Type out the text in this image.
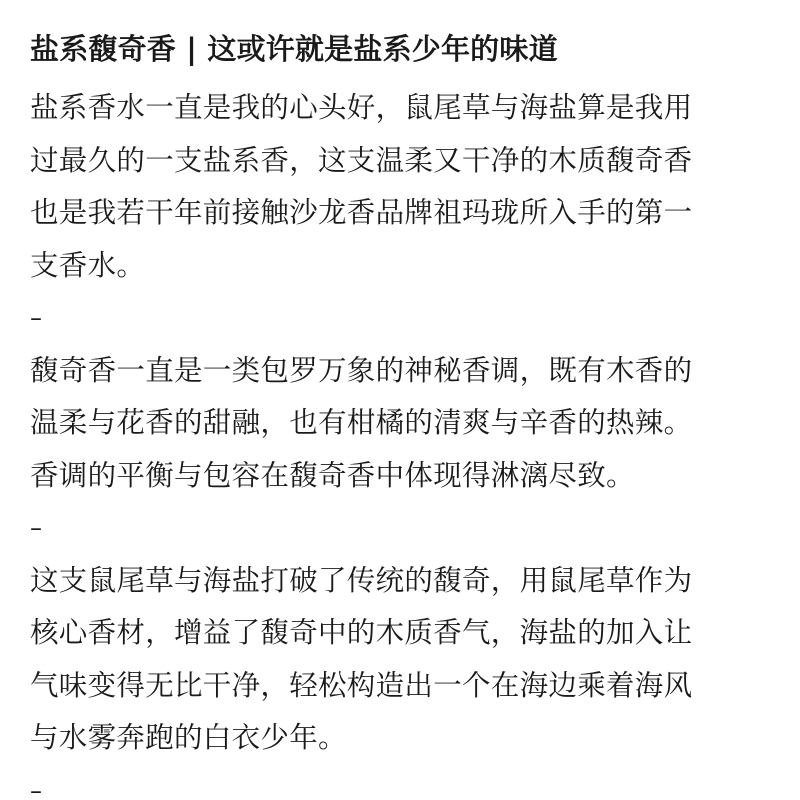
盐系馥奇香 | 这或许就是盐系少年的味道
盐系香水一直是我的心头好，鼠尾草与海盐算是我用
过最久的一支盐系香，这支温柔又干净的木质馥奇香
也是我若干年前接触沙龙香品牌祖玛珑所入手的第一
支香水。
–
馥奇香一直是一类包罗万象的神秘香调，既有木香的
温柔与花香的甜融，也有柑橘的清爽与辛香的热辣。
香调的平衡与包容在馥奇香中体现得淋漓尽致。
–
这支鼠尾草与海盐打破了传统的馥奇，用鼠尾草作为
核心香材，增益了馥奇中的木质香气，海盐的加入让
气味变得无比干净，轻松构造出一个在海边乘着海风
与水雾奔跑的白衣少年。
–
